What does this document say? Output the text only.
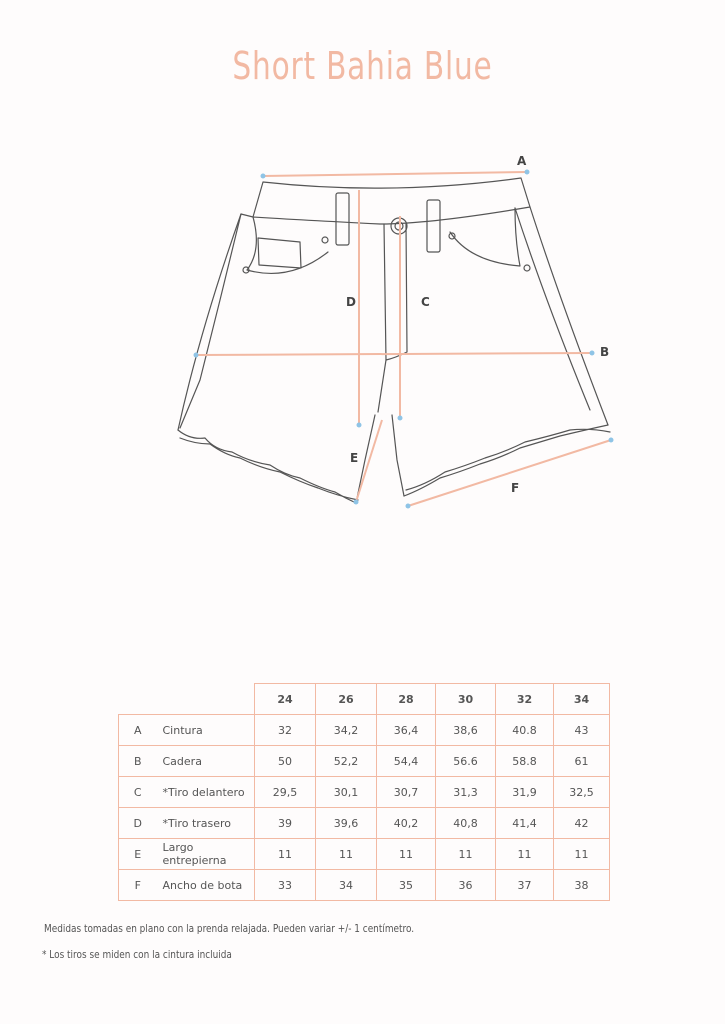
Short Bahia Blue
A
B
C
D
E
F
		24	26	28	30	32	34
A	Cintura	32	34,2	36,4	38,6	40.8	43
B	Cadera	50	52,2	54,4	56.6	58.8	61
C	*Tiro delantero	29,5	30,1	30,7	31,3	31,9	32,5
D	*Tiro trasero	39	39,6	40,2	40,8	41,4	42
E	Largo entrepierna	11	11	11	11	11	11
F	Ancho de bota	33	34	35	36	37	38
Medidas tomadas en plano con la prenda relajada. Pueden variar +/- 1 centímetro.
* Los tiros se miden con la cintura incluida
